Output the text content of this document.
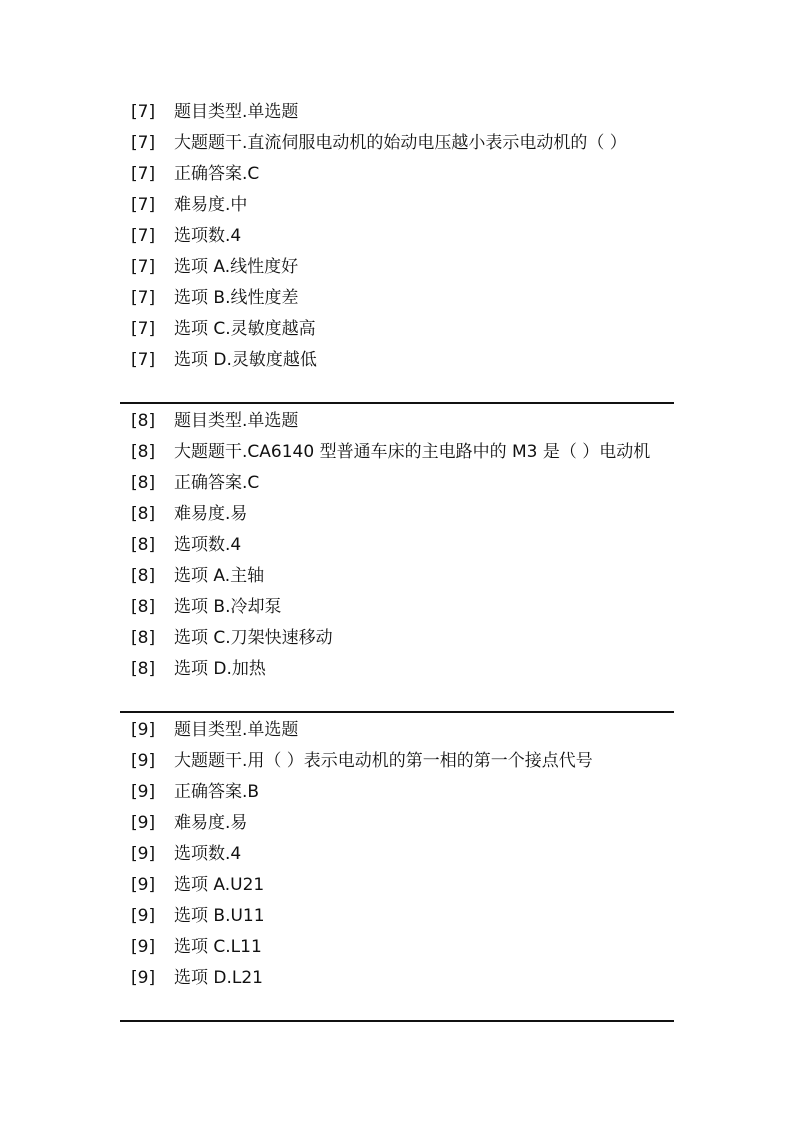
[7] 题目类型.单选题
[7] 大题题干.直流伺服电动机的始动电压越小表示电动机的（ ）
[7] 正确答案.C
[7] 难易度.中
[7] 选项数.4
[7] 选项 A.线性度好
[7] 选项 B.线性度差
[7] 选项 C.灵敏度越高
[7] 选项 D.灵敏度越低
[8] 题目类型.单选题
[8] 大题题干.CA6140 型普通车床的主电路中的 M3 是（ ）电动机
[8] 正确答案.C
[8] 难易度.易
[8] 选项数.4
[8] 选项 A.主轴
[8] 选项 B.冷却泵
[8] 选项 C.刀架快速移动
[8] 选项 D.加热
[9] 题目类型.单选题
[9] 大题题干.用（ ）表示电动机的第一相的第一个接点代号
[9] 正确答案.B
[9] 难易度.易
[9] 选项数.4
[9] 选项 A.U21
[9] 选项 B.U11
[9] 选项 C.L11
[9] 选项 D.L21
